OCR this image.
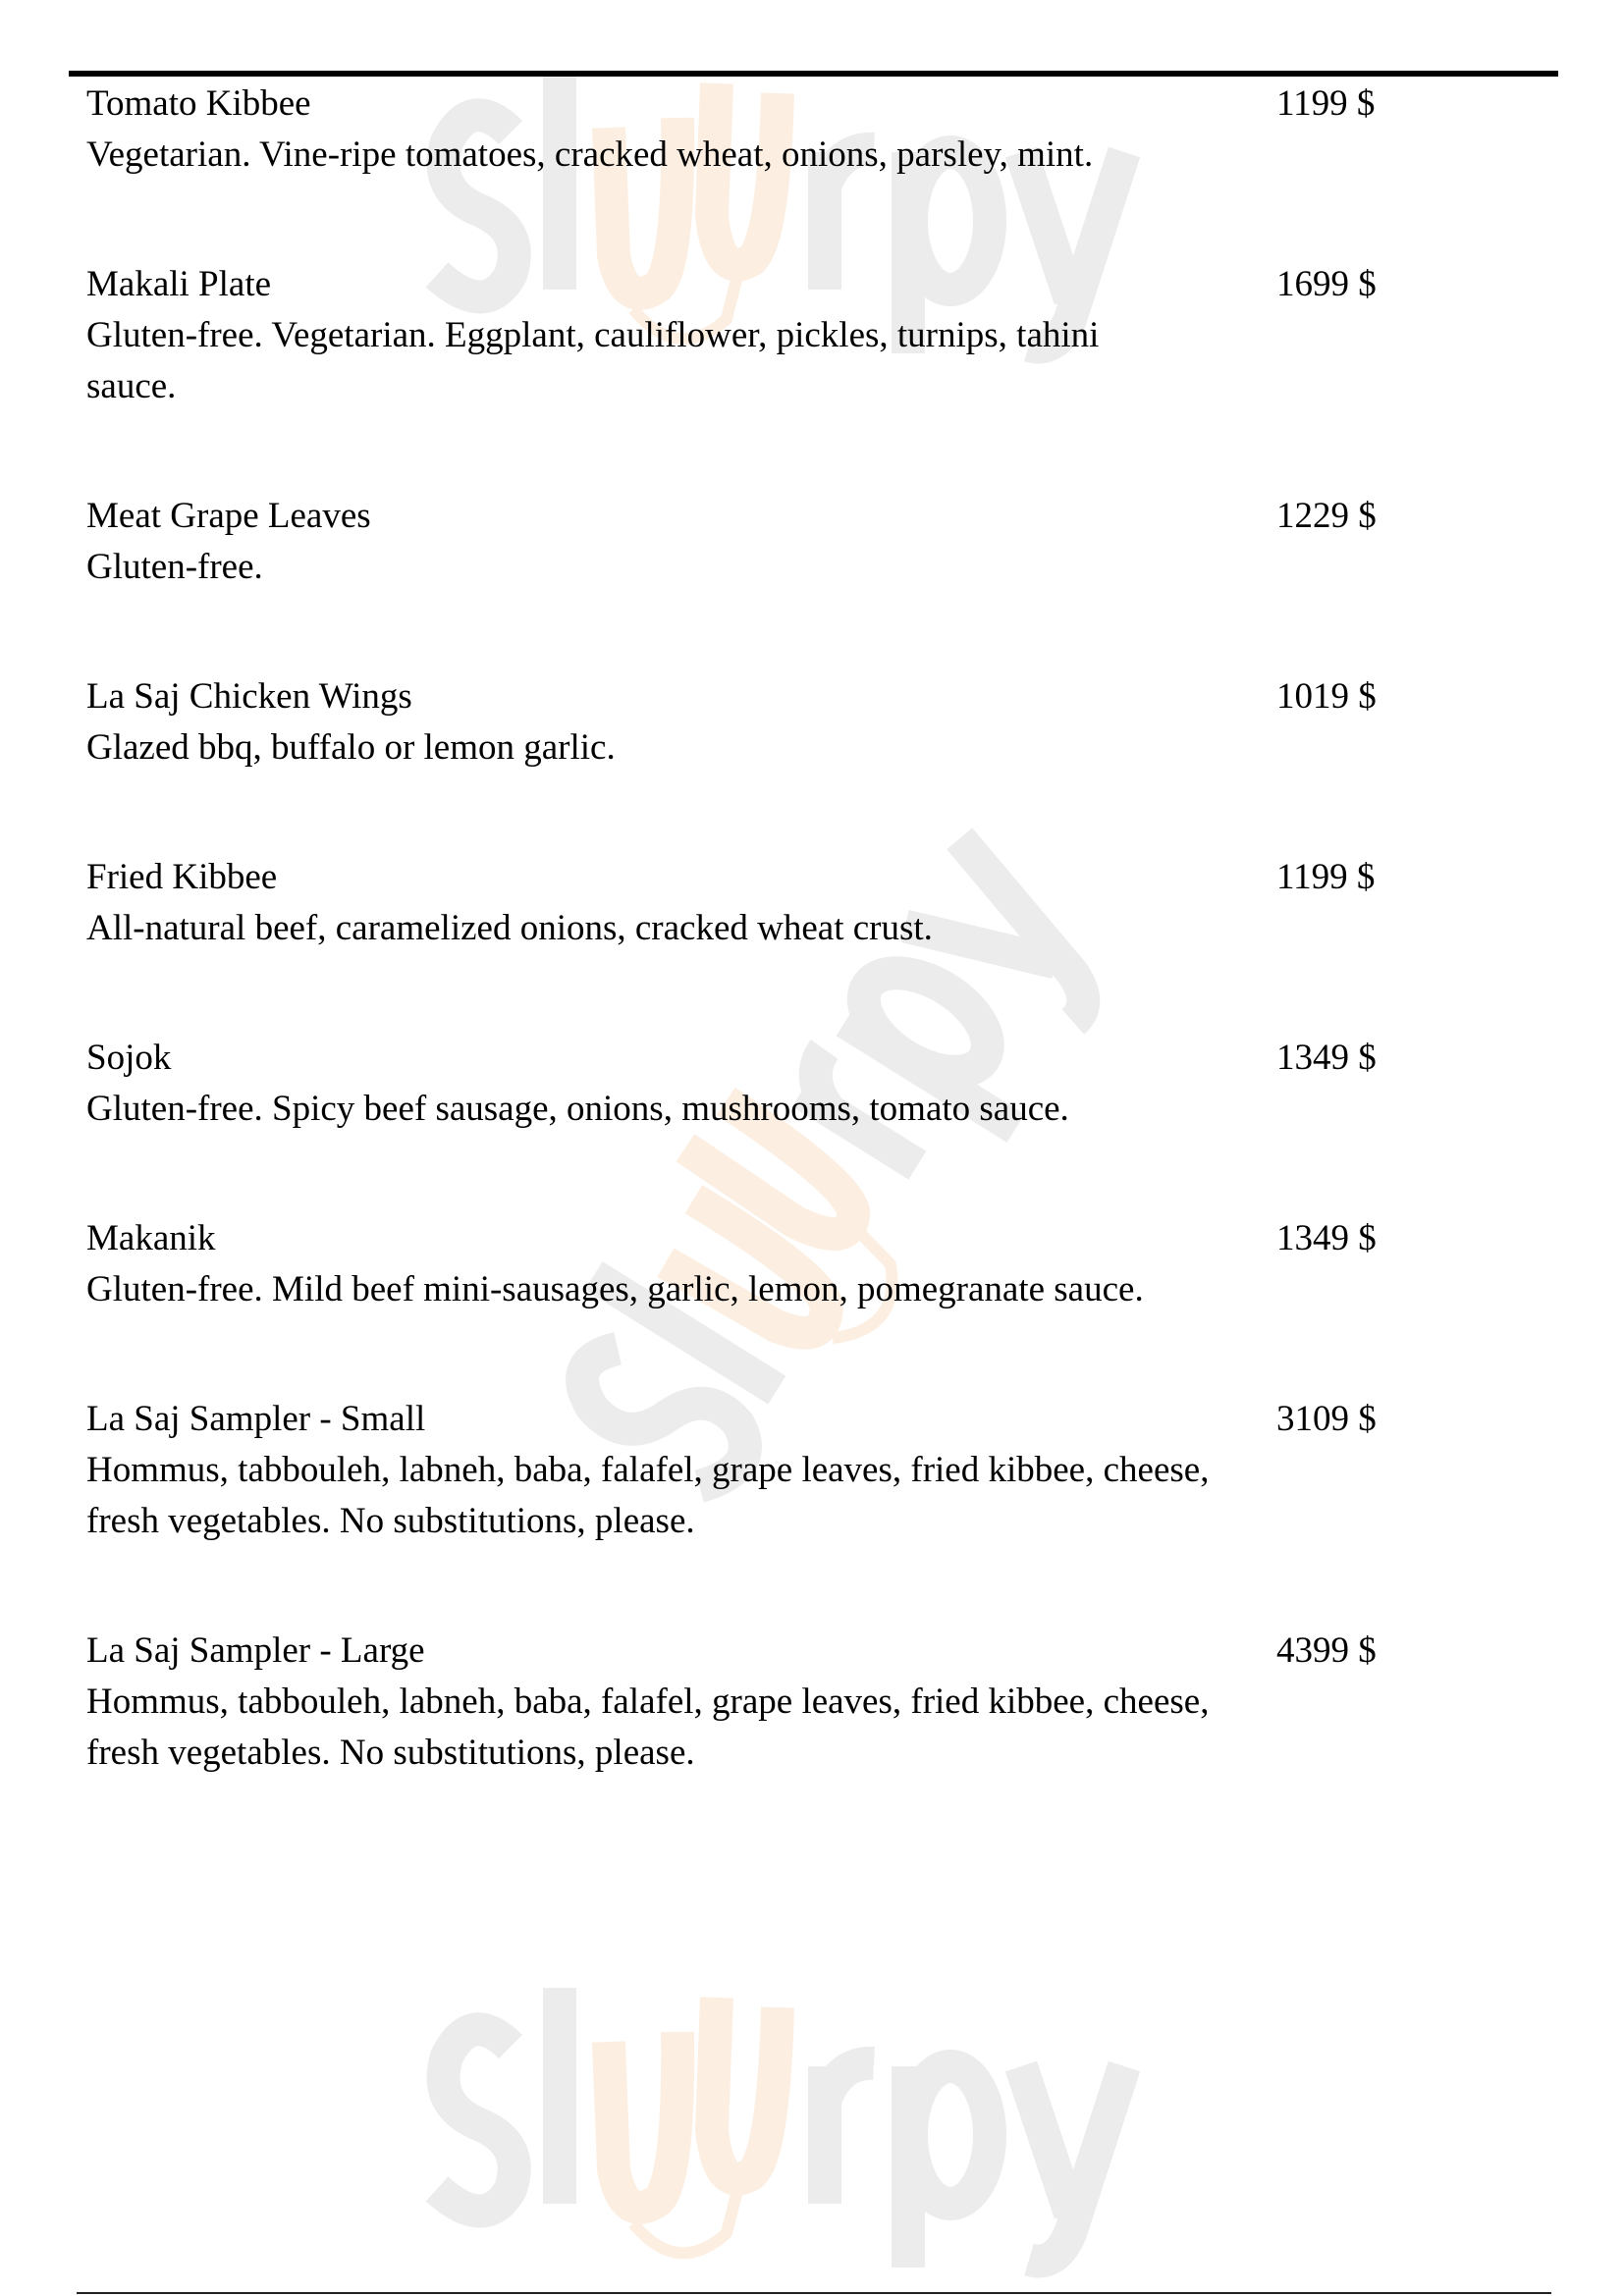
Tomato Kibbee
Vegetarian. Vine-ripe tomatoes, cracked wheat, onions, parsley, mint.
1199 $
Makali Plate
Gluten-free. Vegetarian. Eggplant, cauliflower, pickles, turnips, tahini sauce.
1699 $
Meat Grape Leaves
Gluten-free.
1229 $
La Saj Chicken Wings
Glazed bbq, buffalo or lemon garlic.
1019 $
Fried Kibbee
All-natural beef, caramelized onions, cracked wheat crust.
1199 $
Sojok
Gluten-free. Spicy beef sausage, onions, mushrooms, tomato sauce.
1349 $
Makanik
Gluten-free. Mild beef mini-sausages, garlic, lemon, pomegranate sauce.
1349 $
La Saj Sampler - Small
Hommus, tabbouleh, labneh, baba, falafel, grape leaves, fried kibbee, cheese, fresh vegetables. No substitutions, please.
3109 $
La Saj Sampler - Large
Hommus, tabbouleh, labneh, baba, falafel, grape leaves, fried kibbee, cheese, fresh vegetables. No substitutions, please.
4399 $
